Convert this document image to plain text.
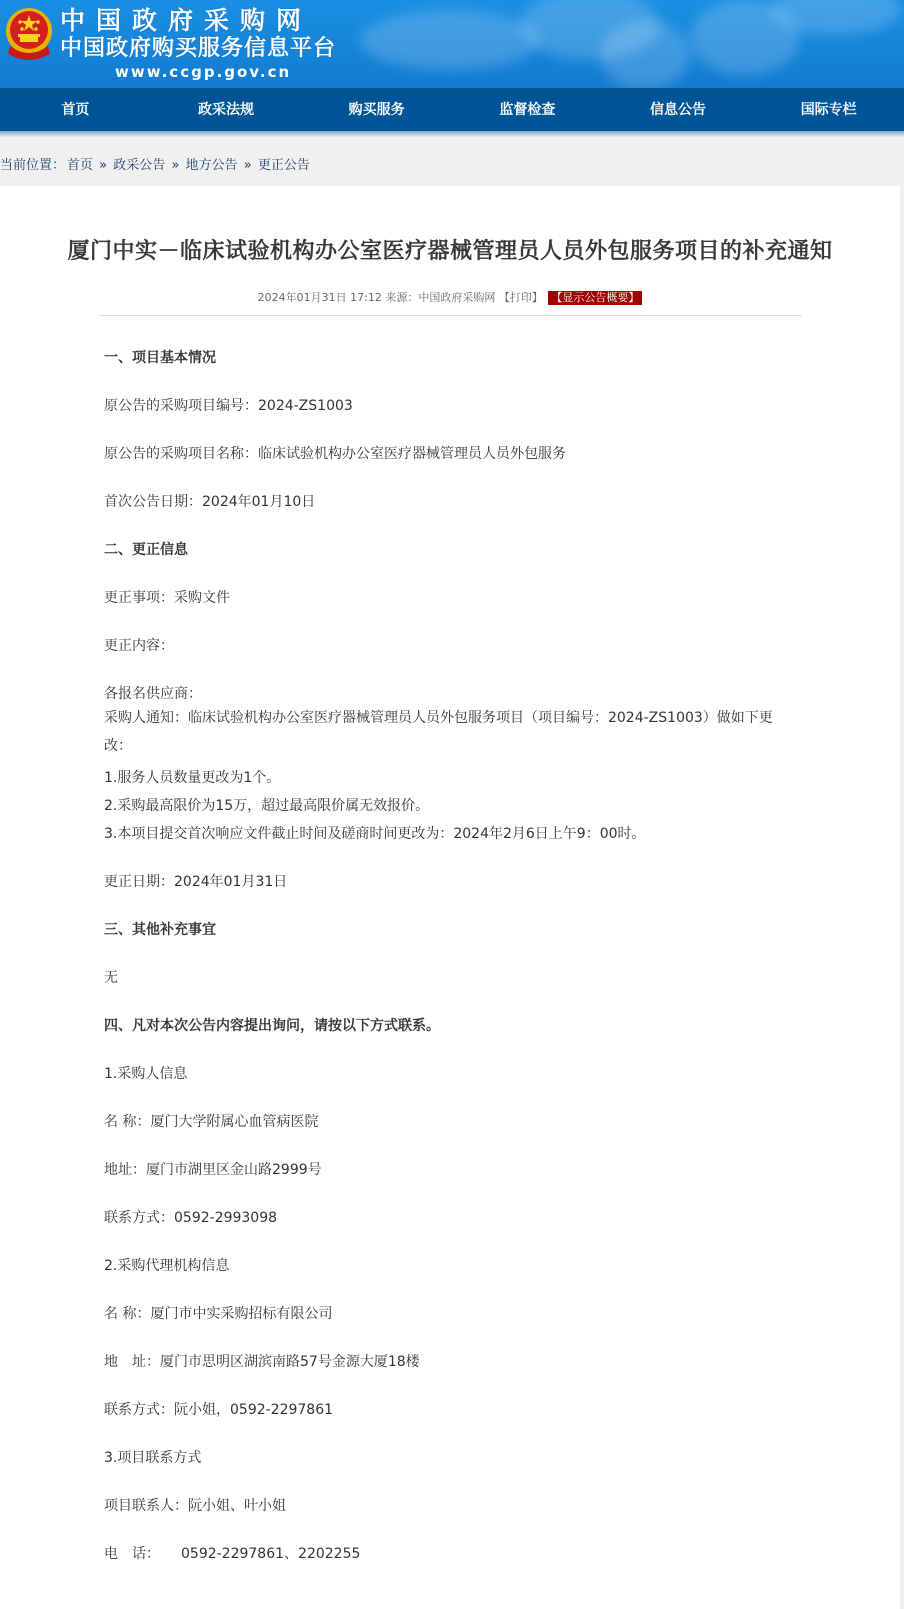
中国政府采购网
中国政府购买服务信息平台
www.ccgp.gov.cn
首页	政采法规	购买服务	监督检查	信息公告	国际专栏
当前位置： 首页 » 政采公告 » 地方公告 » 更正公告
厦门中实－临床试验机构办公室医疗器械管理员人员外包服务项目的补充通知
2024年01月31日 17:12 来源：中国政府采购网 【打印】 【显示公告概要】

一、项目基本情况

原公告的采购项目编号：2024-ZS1003

原公告的采购项目名称：临床试验机构办公室医疗器械管理员人员外包服务

首次公告日期：2024年01月10日

二、更正信息

更正事项：采购文件

更正内容：

各报名供应商：

采购人通知：临床试验机构办公室医疗器械管理员人员外包服务项目（项目编号：2024-ZS1003）做如下更改：

1.服务人员数量更改为1个。

2.采购最高限价为15万，超过最高限价属无效报价。

3.本项目提交首次响应文件截止时间及磋商时间更改为：2024年2月6日上午9：00时。

更正日期：2024年01月31日

三、其他补充事宜

无

四、凡对本次公告内容提出询问，请按以下方式联系。

1.采购人信息

名 称：厦门大学附属心血管病医院

地址：厦门市湖里区金山路2999号

联系方式：0592-2993098

2.采购代理机构信息

名 称：厦门市中实采购招标有限公司

地　址：厦门市思明区湖滨南路57号金源大厦18楼

联系方式：阮小姐，0592-2297861

3.项目联系方式

项目联系人：阮小姐、叶小姐

电　话：　　0592-2297861、2202255
